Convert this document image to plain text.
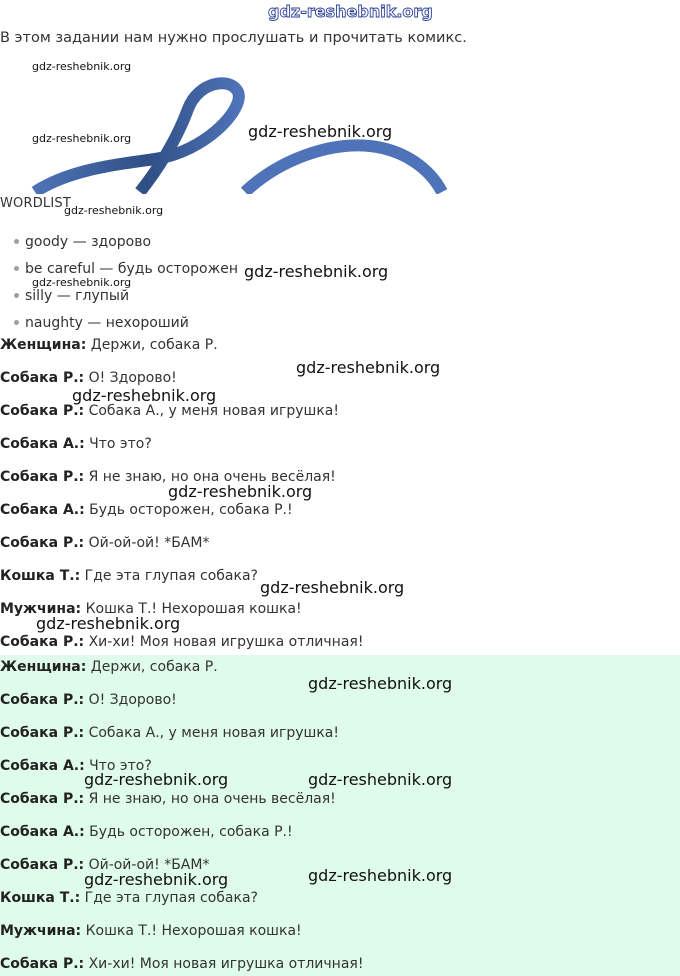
gdz-reshebnik.org
В этом задании нам нужно прослушать и прочитать комикс.
WORDLIST
goody — здорово
be careful — будь осторожен
silly — глупый
naughty — нехороший
Женщина: Держи, собака Р.
Собака Р.: О! Здорово!
Собака Р.: Собака А., у меня новая игрушка!
Собака А.: Что это?
Собака Р.: Я не знаю, но она очень весёлая!
Собака А.: Будь осторожен, собака Р.!
Собака Р.: Ой-ой-ой! *БАМ*
Кошка Т.: Где эта глупая собака?
Мужчина: Кошка Т.! Нехорошая кошка!
Собака Р.: Хи-хи! Моя новая игрушка отличная!
Женщина: Держи, собака Р.
Собака Р.: О! Здорово!
Собака Р.: Собака А., у меня новая игрушка!
Собака А.: Что это?
Собака Р.: Я не знаю, но она очень весёлая!
Собака А.: Будь осторожен, собака Р.!
Собака Р.: Ой-ой-ой! *БАМ*
Кошка Т.: Где эта глупая собака?
Мужчина: Кошка Т.! Нехорошая кошка!
Собака Р.: Хи-хи! Моя новая игрушка отличная!
gdz-reshebnik.org
gdz-reshebnik.org	gdz-reshebnik.org
gdz-reshebnik.org
gdz-reshebnik.org
gdz-reshebnik.org
gdz-reshebnik.org
gdz-reshebnik.org
gdz-reshebnik.org
gdz-reshebnik.org
gdz-reshebnik.org
gdz-reshebnik.org
gdz-reshebnik.org	gdz-reshebnik.org
gdz-reshebnik.org
gdz-reshebnik.org
